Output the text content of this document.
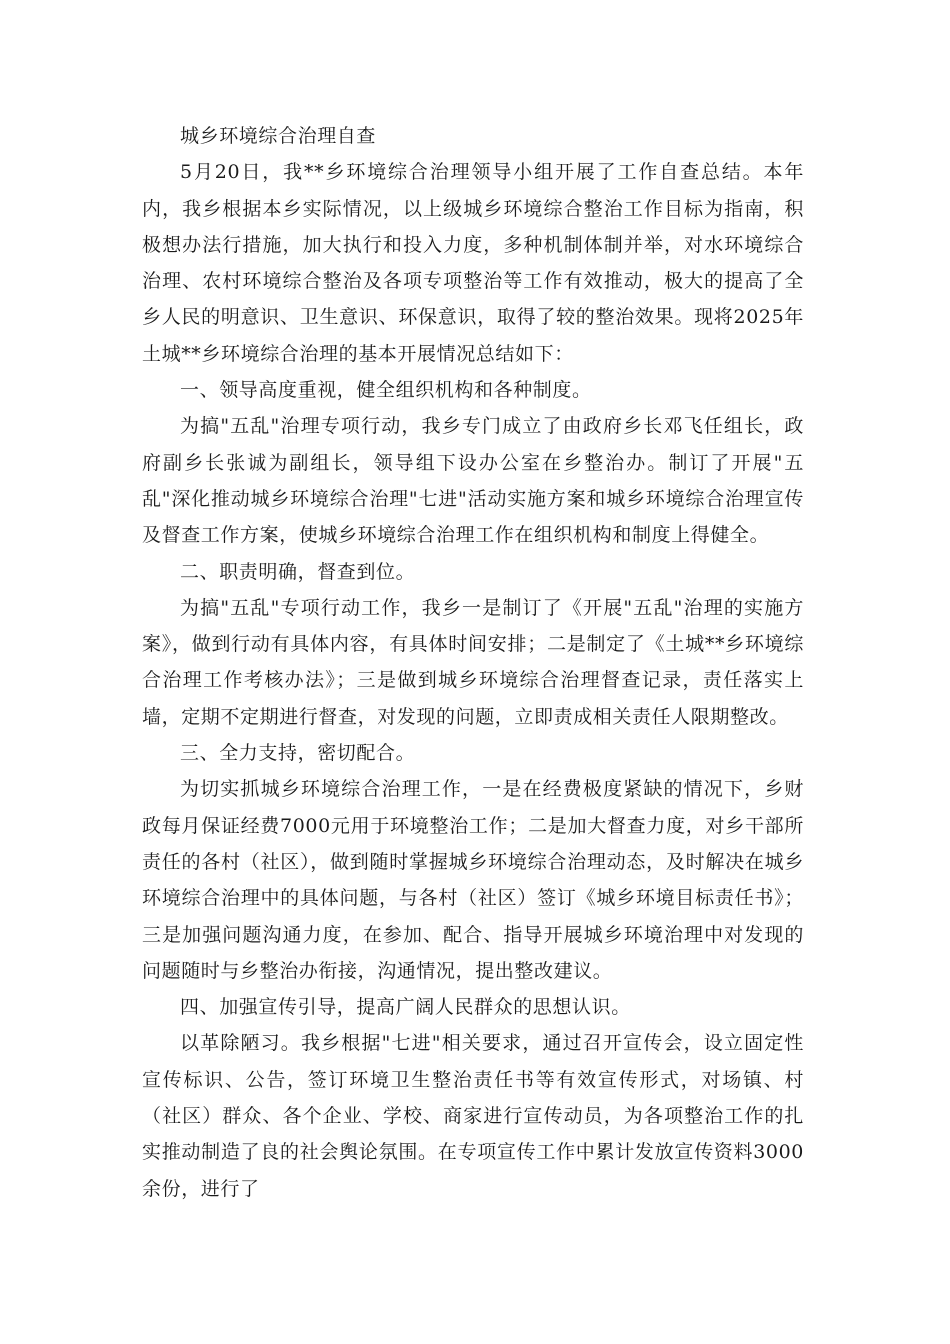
城乡环境综合治理自查

5月20日，我**乡环境综合治理领导小组开展了工作自查总结。本年内，我乡根据本乡实际情况，以上级城乡环境综合整治工作目标为指南，积极想办法行措施，加大执行和投入力度，多种机制体制并举，对水环境综合治理、农村环境综合整治及各项专项整治等工作有效推动，极大的提高了全乡人民的明意识、卫生意识、环保意识，取得了较的整治效果。现将2025年土城**乡环境综合治理的基本开展情况总结如下：

一、领导高度重视，健全组织机构和各种制度。

为搞"五乱"治理专项行动，我乡专门成立了由政府乡长邓飞任组长，政府副乡长张诚为副组长，领导组下设办公室在乡整治办。制订了开展"五乱"深化推动城乡环境综合治理"七进"活动实施方案和城乡环境综合治理宣传及督查工作方案，使城乡环境综合治理工作在组织机构和制度上得健全。

二、职责明确，督查到位。

为搞"五乱"专项行动工作，我乡一是制订了《开展"五乱"治理的实施方案》，做到行动有具体内容，有具体时间安排；二是制定了《土城**乡环境综合治理工作考核办法》；三是做到城乡环境综合治理督查记录，责任落实上墙，定期不定期进行督查，对发现的问题，立即责成相关责任人限期整改。

三、全力支持，密切配合。

为切实抓城乡环境综合治理工作，一是在经费极度紧缺的情况下，乡财政每月保证经费7000元用于环境整治工作；二是加大督查力度，对乡干部所责任的各村（社区），做到随时掌握城乡环境综合治理动态，及时解决在城乡环境综合治理中的具体问题，与各村（社区）签订《城乡环境目标责任书》；三是加强问题沟通力度，在参加、配合、指导开展城乡环境治理中对发现的问题随时与乡整治办衔接，沟通情况，提出整改建议。

四、加强宣传引导，提高广阔人民群众的思想认识。

以革除陋习。我乡根据"七进"相关要求，通过召开宣传会，设立固定性宣传标识、公告，签订环境卫生整治责任书等有效宣传形式，对场镇、村（社区）群众、各个企业、学校、商家进行宣传动员，为各项整治工作的扎实推动制造了良的社会舆论氛围。在专项宣传工作中累计发放宣传资料3000余份，进行了
